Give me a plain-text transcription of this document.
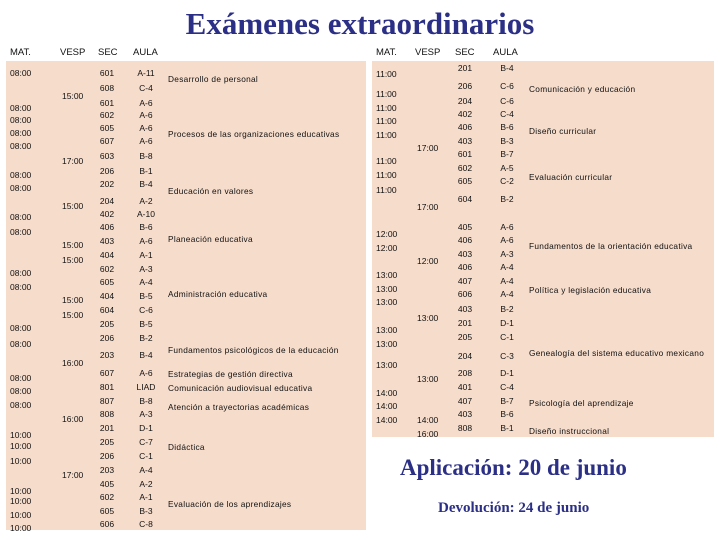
Exámenes extraordinarios
MAT.	VESP SEC AULA
08:00
08:00
08:00
08:00
08:00
08:00
08:00
08:00
08:00
08:00
08:00
08:00
08:00
08:00
08:00
08:00
10:00
10:00
10:00
10:00
10:00
10:00
10:00
15:00
17:00
15:00
15:00
15:00
15:00
15:00
16:00
16:00
17:00
601
608
601
602
605
607
603
206
202
204
402
406
403
404
602
605
404
604
205
206
203
607
801
807
808
201
205
206
203
405
602
605
606
A-11
C-4
A-6
A-6
A-6
A-6
B-8
B-1
B-4
A-2
A-10
B-6
A-6
A-1
A-3
A-4
B-5
C-6
B-5
B-2
B-4
A-6
LIAD
B-8
A-3
D-1
C-7
C-1
A-4
A-2
A-1
B-3
C-8
Desarrollo de personal
Procesos de las organizaciones educativas
Educación en valores
Planeación educativa
Administración educativa
Fundamentos psicológicos de la educación
Estrategias de gestión directiva
Comunicación audiovisual educativa
Atención a trayectorias académicas
Didáctica
Evaluación de los aprendizajes
MAT. VESP SEC AULA
11:00
11:00
11:00
11:00
11:00
11:00
11:00
11:00
12:00
12:00
13:00
13:00
13:00
13:00
13:00
13:00
14:00
14:00
14:00
17:00
17:00
12:00
13:00
13:00
14:00
16:00
201
206
204
402
406
403
601
602
605
604
405
406
403
406
407
606
403
201
205
204
208
401
407
403
808
B-4
C-6
C-6
C-4
B-6
B-3
B-7
A-5
C-2
B-2
A-6
A-6
A-3
A-4
A-4
A-4
B-2
D-1
C-1
C-3
D-1
C-4
B-7
B-6
B-1
Comunicación y educación
Diseño curricular
Evaluación curricular
Fundamentos de la orientación educativa
Política y legislación educativa
Genealogía del sistema educativo mexicano
Psicología del aprendizaje
Diseño instruccional
Aplicación: 20 de junio
Devolución: 24 de junio
